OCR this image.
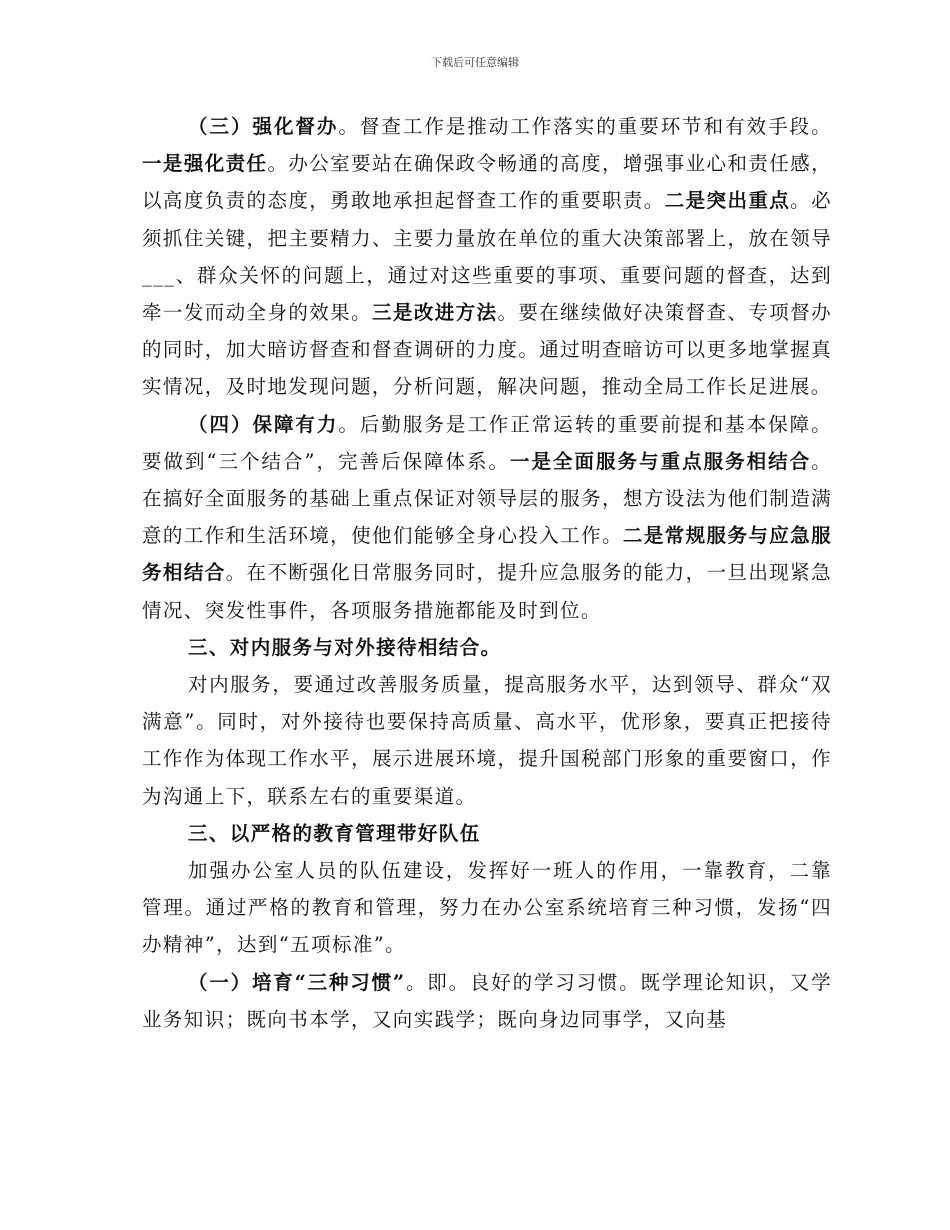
下载后可任意编辑

（三）强化督办。督查工作是推动工作落实的重要环节和有效手段。一是强化责任。办公室要站在确保政令畅通的高度，增强事业心和责任感，以高度负责的态度，勇敢地承担起督查工作的重要职责。二是突出重点。必须抓住关键，把主要精力、主要力量放在单位的重大决策部署上，放在领导___、群众关怀的问题上，通过对这些重要的事项、重要问题的督查，达到牵一发而动全身的效果。三是改进方法。要在继续做好决策督查、专项督办的同时，加大暗访督查和督查调研的力度。通过明查暗访可以更多地掌握真实情况，及时地发现问题，分析问题，解决问题，推动全局工作长足进展。

（四）保障有力。后勤服务是工作正常运转的重要前提和基本保障。要做到“三个结合”，完善后保障体系。一是全面服务与重点服务相结合。在搞好全面服务的基础上重点保证对领导层的服务，想方设法为他们制造满意的工作和生活环境，使他们能够全身心投入工作。二是常规服务与应急服务相结合。在不断强化日常服务同时，提升应急服务的能力，一旦出现紧急情况、突发性事件，各项服务措施都能及时到位。

三、对内服务与对外接待相结合。

对内服务，要通过改善服务质量，提高服务水平，达到领导、群众“双满意”。同时，对外接待也要保持高质量、高水平，优形象，要真正把接待工作作为体现工作水平，展示进展环境，提升国税部门形象的重要窗口，作为沟通上下，联系左右的重要渠道。

三、以严格的教育管理带好队伍

加强办公室人员的队伍建设，发挥好一班人的作用，一靠教育，二靠管理。通过严格的教育和管理，努力在办公室系统培育三种习惯，发扬“四办精神”，达到“五项标准”。

（一）培育“三种习惯”。即。良好的学习习惯。既学理论知识，又学业务知识；既向书本学，又向实践学；既向身边同事学，又向基
